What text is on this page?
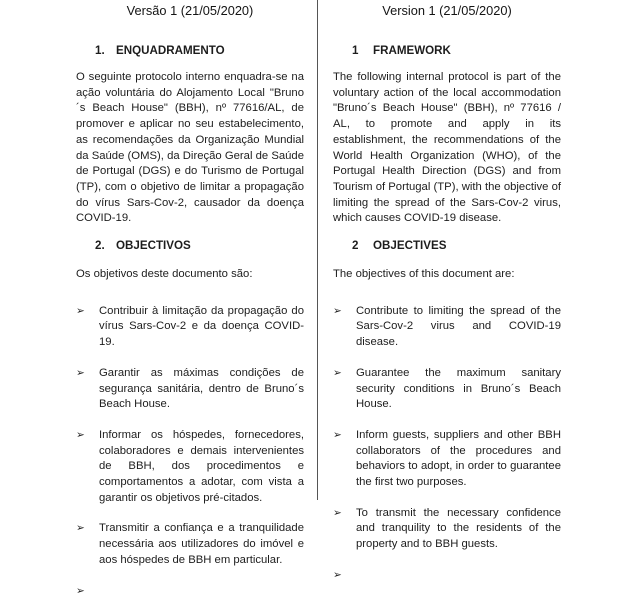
Versão 1 (21/05/2020)
1. ENQUADRAMENTO

O seguinte protocolo interno enquadra-se na ação voluntária do Alojamento Local "Bruno´s Beach House" (BBH), nº 77616/AL, de promover e aplicar no seu estabelecimento, as recomendações da Organização Mundial da Saúde (OMS), da Direção Geral de Saúde de Portugal (DGS) e do Turismo de Portugal (TP), com o objetivo de limitar a propagação do vírus Sars-Cov-2, causador da doença COVID-19.

2. OBJECTIVOS

Os objetivos deste documento são:

➢	Contribuir à limitação da propagação do vírus Sars-Cov-2 e da doença COVID-19.
➢	Garantir as máximas condições de segurança sanitária, dentro de Bruno´s Beach House.
➢	Informar os hóspedes, fornecedores, colaboradores e demais intervenientes de BBH, dos procedimentos e comportamentos a adotar, com vista a garantir os objetivos pré-citados.
➢	Transmitir a confiança e a tranquilidade necessária aos utilizadores do imóvel e aos hóspedes de BBH em particular.
➢
Version 1 (21/05/2020)
1	FRAMEWORK

The following internal protocol is part of the voluntary action of the local accommodation "Bruno´s Beach House" (BBH), nº 77616 / AL, to promote and apply in its establishment, the recommendations of the World Health Organization (WHO), of the Portugal Health Direction (DGS) and from Tourism of Portugal (TP), with the objective of limiting the spread of the Sars-Cov-2 virus, which causes COVID-19 disease.

2	OBJECTIVES

The objectives of this document are:

➢	Contribute to limiting the spread of the Sars-Cov-2 virus and COVID-19 disease.
➢	Guarantee the maximum sanitary security conditions in Bruno´s Beach House.
➢	Inform guests, suppliers and other BBH collaborators of the procedures and behaviors to adopt, in order to guarantee the first two purposes.
➢	To transmit the necessary confidence and tranquility to the residents of the property and to BBH guests.
➢
